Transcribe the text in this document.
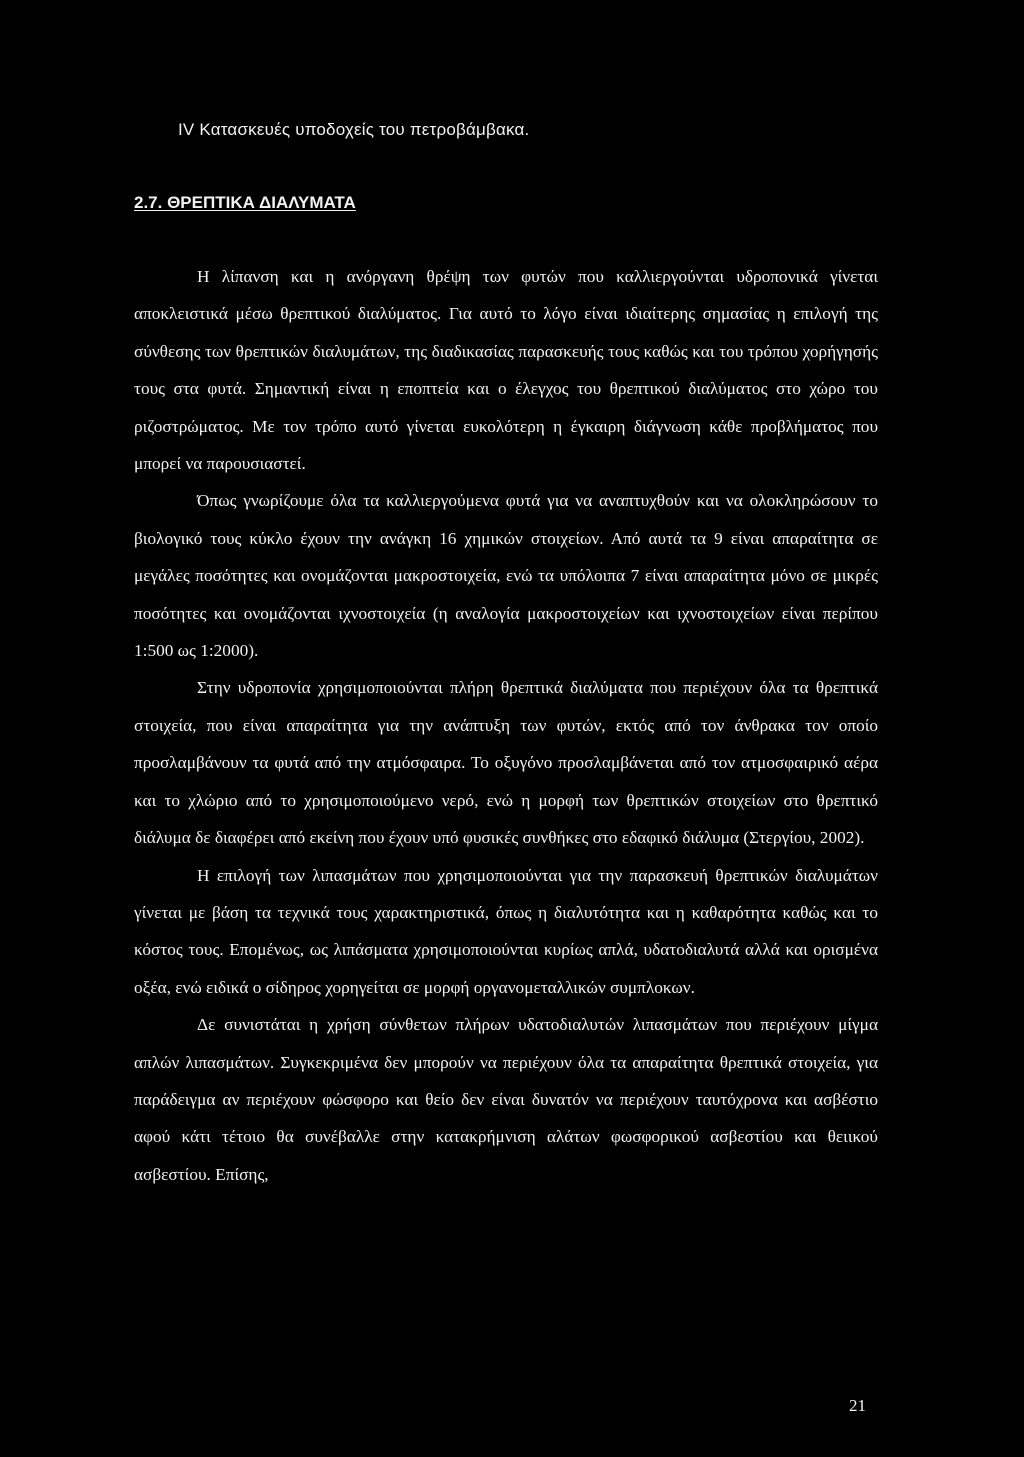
IV Κατασκευές υποδοχείς του πετροβάμβακα.
2.7. ΘΡΕΠΤΙΚΑ ΔΙΑΛΥΜΑΤΑ

Η λίπανση και η ανόργανη θρέψη των φυτών που καλλιεργούνται υδροπονικά γίνεται αποκλειστικά μέσω θρεπτικού διαλύματος. Για αυτό το λόγο είναι ιδιαίτερης σημασίας η επιλογή της σύνθεσης των θρεπτικών διαλυμάτων, της διαδικασίας παρασκευής τους καθώς και του τρόπου χορήγησής τους στα φυτά. Σημαντική είναι η εποπτεία και ο έλεγχος του θρεπτικού διαλύματος στο χώρο του ριζοστρώματος. Με τον τρόπο αυτό γίνεται ευκολότερη η έγκαιρη διάγνωση κάθε προβλήματος που μπορεί να παρουσιαστεί.

Όπως γνωρίζουμε όλα τα καλλιεργούμενα φυτά για να αναπτυχθούν και να ολοκληρώσουν το βιολογικό τους κύκλο έχουν την ανάγκη 16 χημικών στοιχείων. Από αυτά τα 9 είναι απαραίτητα σε μεγάλες ποσότητες και ονομάζονται μακροστοιχεία, ενώ τα υπόλοιπα 7 είναι απαραίτητα μόνο σε μικρές ποσότητες και ονομάζονται ιχνοστοιχεία (η αναλογία μακροστοιχείων και ιχνοστοιχείων είναι περίπου 1:500 ως 1:2000).

Στην υδροπονία χρησιμοποιούνται πλήρη θρεπτικά διαλύματα που περιέχουν όλα τα θρεπτικά στοιχεία, που είναι απαραίτητα για την ανάπτυξη των φυτών, εκτός από τον άνθρακα τον οποίο προσλαμβάνουν τα φυτά από την ατμόσφαιρα. Το οξυγόνο προσλαμβάνεται από τον ατμοσφαιρικό αέρα και το χλώριο από το χρησιμοποιούμενο νερό, ενώ η μορφή των θρεπτικών στοιχείων στο θρεπτικό διάλυμα δε διαφέρει από εκείνη που έχουν υπό φυσικές συνθήκες στο εδαφικό διάλυμα (Στεργίου, 2002).

Η επιλογή των λιπασμάτων που χρησιμοποιούνται για την παρασκευή θρεπτικών διαλυμάτων γίνεται με βάση τα τεχνικά τους χαρακτηριστικά, όπως η διαλυτότητα και η καθαρότητα καθώς και το κόστος τους. Επομένως, ως λιπάσματα χρησιμοποιούνται κυρίως απλά, υδατοδιαλυτά αλλά και ορισμένα οξέα, ενώ ειδικά ο σίδηρος χορηγείται σε μορφή οργανομεταλλικών συμπλοκων.

Δε συνιστάται η χρήση σύνθετων πλήρων υδατοδιαλυτών λιπασμάτων που περιέχουν μίγμα απλών λιπασμάτων. Συγκεκριμένα δεν μπορούν να περιέχουν όλα τα απαραίτητα θρεπτικά στοιχεία, για παράδειγμα αν περιέχουν φώσφορο και θείο δεν είναι δυνατόν να περιέχουν ταυτόχρονα και ασβέστιο αφού κάτι τέτοιο θα συνέβαλλε στην κατακρήμνιση αλάτων φωσφορικού ασβεστίου και θειικού ασβεστίου. Επίσης,

21
